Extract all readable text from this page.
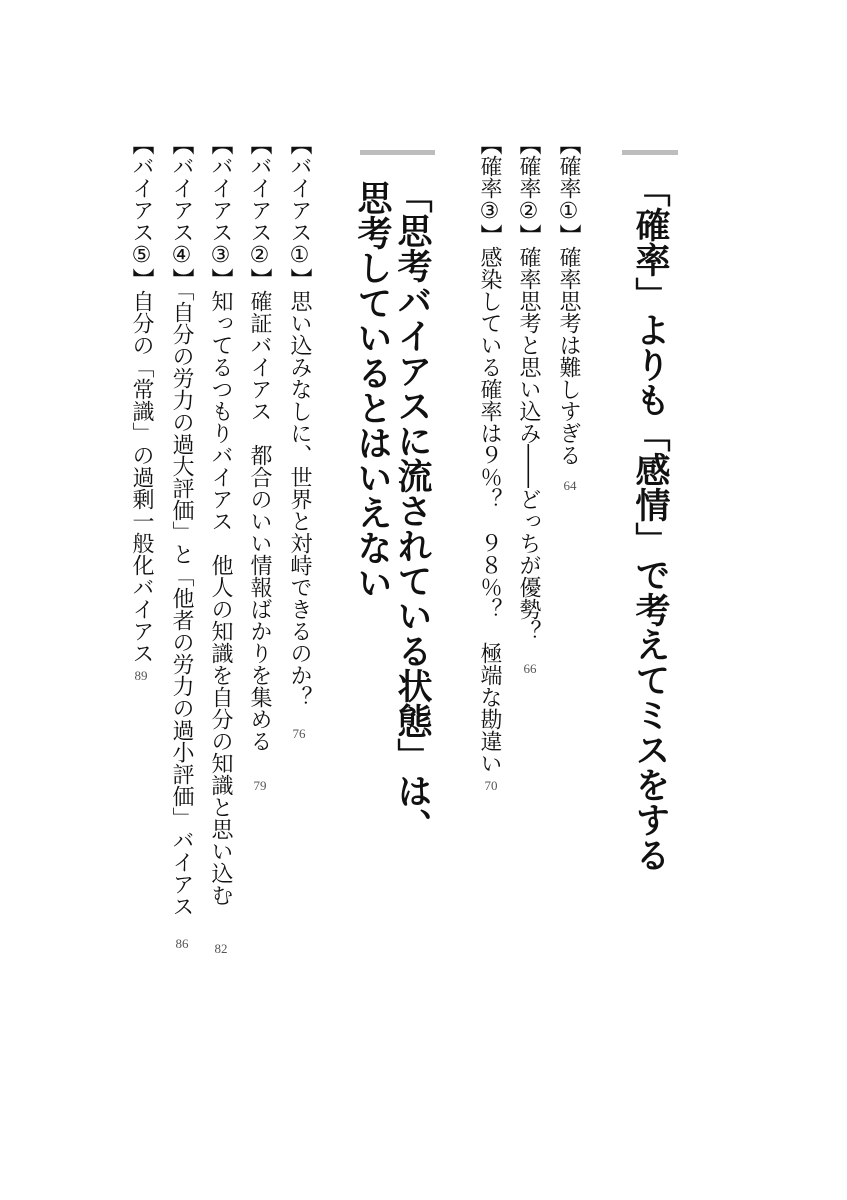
「確率」よりも「感情」で考えてミスをする
【確率①】確率思考は難しすぎる
64
【確率②】確率思考と思い込み――どっちが優勢？
66
【確率③】感染している確率は９％？　９８％？　極端な勘違い
70
「思考バイアスに流されている状態」は、
思考しているとはいえない
【バイアス①】思い込みなしに、世界と対峙できるのか？
76
【バイアス②】確証バイアス　都合のいい情報ばかりを集める
79
【バイアス③】知ってるつもりバイアス　他人の知識を自分の知識と思い込む
82
【バイアス④】「自分の労力の過大評価」と「他者の労力の過小評価」バイアス
86
【バイアス⑤】自分の「常識」の過剰一般化バイアス
89
